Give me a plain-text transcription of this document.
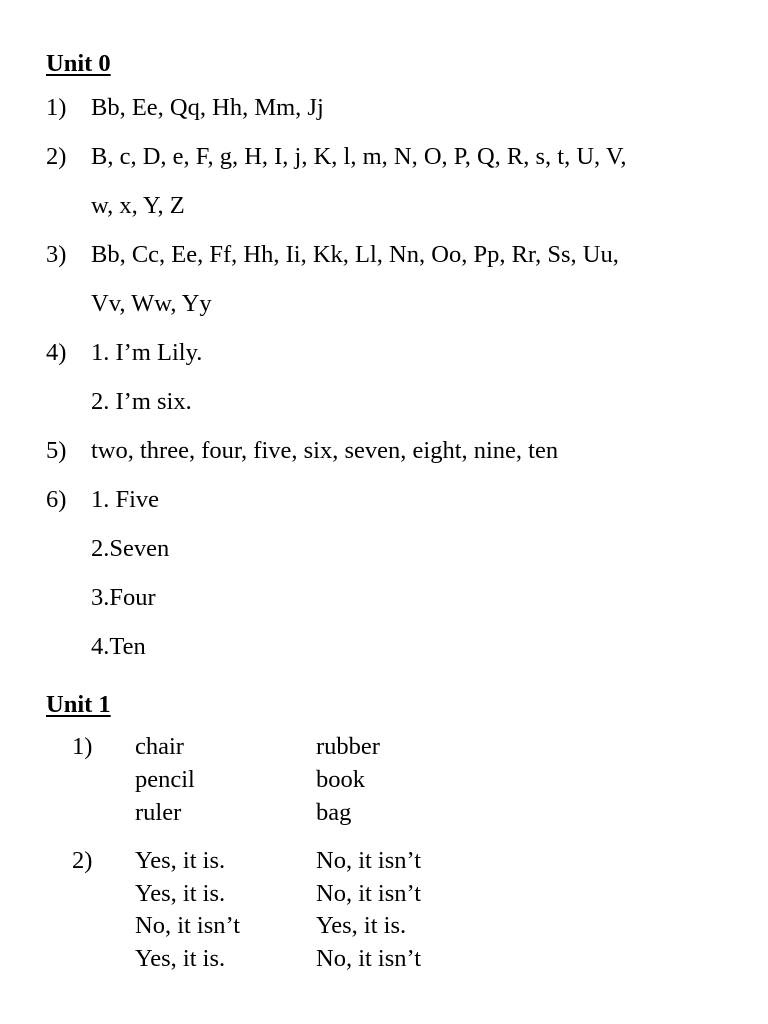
Unit 0
1) Bb, Ee, Qq, Hh, Mm, Jj
2) B, c, D, e, F, g, H, I, j, K, l, m, N, O, P, Q, R, s, t, U, V,
w, x, Y, Z
3) Bb, Cc, Ee, Ff, Hh, Ii, Kk, Ll, Nn, Oo, Pp, Rr, Ss, Uu,
Vv, Ww, Yy
4) 1. I’m Lily.
2. I’m six.
5) two, three, four, five, six, seven, eight, nine, ten
6) 1. Five
2.Seven
3.Four
4.Ten
Unit 1
1) chair	rubber
pencil	book
ruler	bag
2) Yes, it is.	No, it isn’t
Yes, it is.	No, it isn’t
No, it isn’t	Yes, it is.
Yes, it is.	No, it isn’t
